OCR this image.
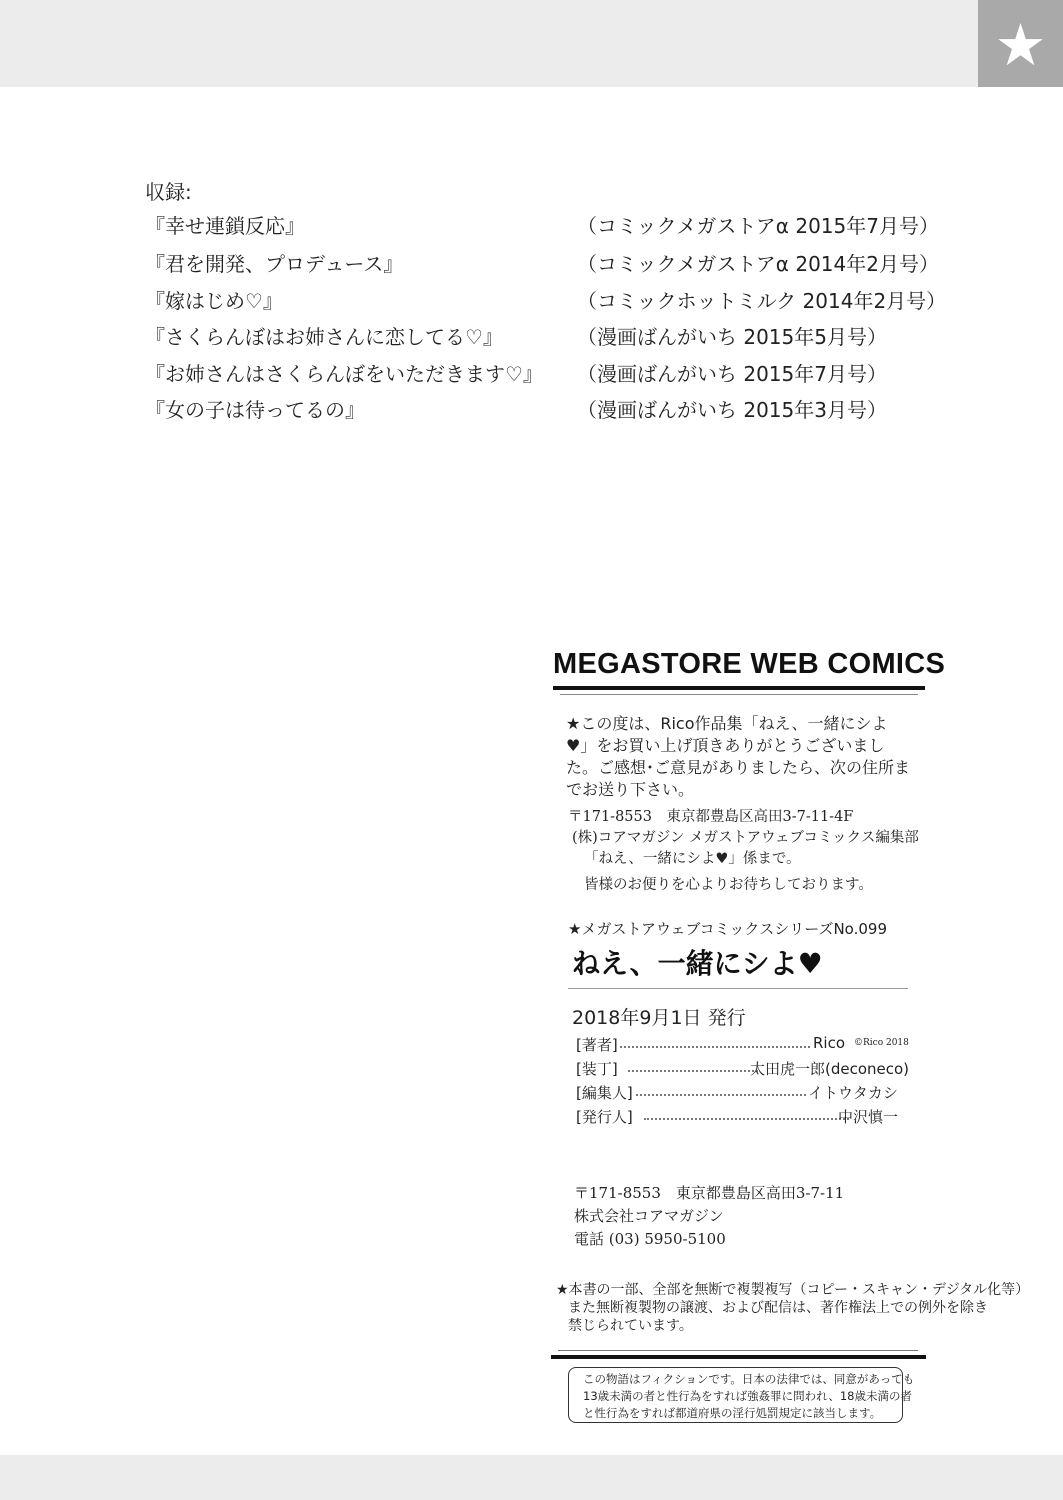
★
収録:
MEGASTORE WEB COMICS
★メガストアウェブコミックスシリーズNo.099
ねえ、一緒にシよ♥
2018年9月1日 発行
この物語はフィクションです。日本の法律では、同意があっても
13歳未満の者と性行為をすれば強姦罪に問われ、18歳未満の者
と性行為をすれば都道府県の淫行処罰規定に該当します。
『幸せ連鎖反応』	（コミックメガストアα 2015年7月号）
『君を開発、プロデュース』	（コミックメガストアα 2014年2月号）
『嫁はじめ♡』	（コミックホットミルク 2014年2月号）
『さくらんぼはお姉さんに恋してる♡』	（漫画ばんがいち 2015年5月号）
『お姉さんはさくらんぼをいただきます♡』 （漫画ばんがいち 2015年7月号）
『女の子は待ってるの』	（漫画ばんがいち 2015年3月号）
★この度は、Rico作品集「ねえ、一緒にシよ
♥」をお買い上げ頂きありがとうございまし
た。ご感想･ご意見がありましたら、次の住所ま
でお送り下さい。
〒171-8553　東京都豊島区高田3-7-11-4F
(株)コアマガジン メガストアウェブコミックス編集部
「ねえ、一緒にシよ♥」係まで。
皆様のお便りを心よりお待ちしております。
[著者]	Rico ©Rico 2018
[装丁]	太田虎一郎(deconeco)
[編集人]	イトウタカシ
[発行人]	中沢慎一
〒171-8553　東京都豊島区高田3-7-11
株式会社コアマガジン
電話 (03) 5950-5100
★本書の一部、全部を無断で複製複写（コピー・スキャン・デジタル化等）
また無断複製物の譲渡、および配信は、著作権法上での例外を除き
禁じられています。
